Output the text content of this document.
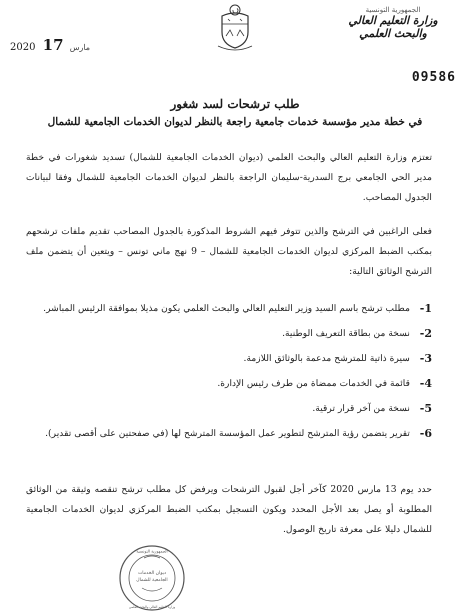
الجمهورية التونسية
وزارة التعليم العالي
والبحث العلمي
2020	مارس 17
09586
طلب ترشحات لسد شغور
في خطة مدير مؤسسة خدمات جامعية راجعة بالنظر لديوان الخدمات الجامعية للشمال

تعتزم وزارة التعليم العالي والبحث العلمي (ديوان الخدمات الجامعية للشمال) تسديد شغورات في خطة مدير الحي الجامعي برج السدرية-سليمان الراجعة بالنظر لديوان الخدمات الجامعية للشمال وفقا لبيانات الجدول المصاحب.

فعلى الراغبين في الترشح والذين تتوفر فيهم الشروط المذكورة بالجدول المصاحب تقديم ملفات ترشحهم بمكتب الضبط المركزي لديوان الخدمات الجامعية للشمال – 9 نهج ماني تونس – ويتعين أن يتضمن ملف الترشح الوثائق التالية:

1-
مطلب ترشح باسم السيد وزير التعليم العالي والبحث العلمي يكون مذيلا بموافقة الرئيس المباشر.
2-
نسخة من بطاقة التعريف الوطنية.
3-
سيرة ذاتية للمترشح مدعمة بالوثائق اللازمة.
4-
قائمة في الخدمات ممضاة من طرف رئيس الإدارة.
5-
نسخة من آخر قرار ترقية.
6-
تقرير يتضمن رؤية المترشح لتطوير عمل المؤسسة المترشح لها (في صفحتين على أقصى تقدير).

حدد يوم 13 مارس 2020 كآخر أجل لقبول الترشحات ويرفض كل مطلب ترشح تنقصه وثيقة من الوثائق المطلوبة أو يصل بعد الأجل المحدد ويكون التسجيل بمكتب الضبط المركزي لديوان الخدمات الجامعية للشمال دليلا على معرفة تاريخ الوصول.

الجمهورية التونسية
ديوان الخدمات
الجامعية للشمال
وزارة التعليم العالي والبحث العلمي
